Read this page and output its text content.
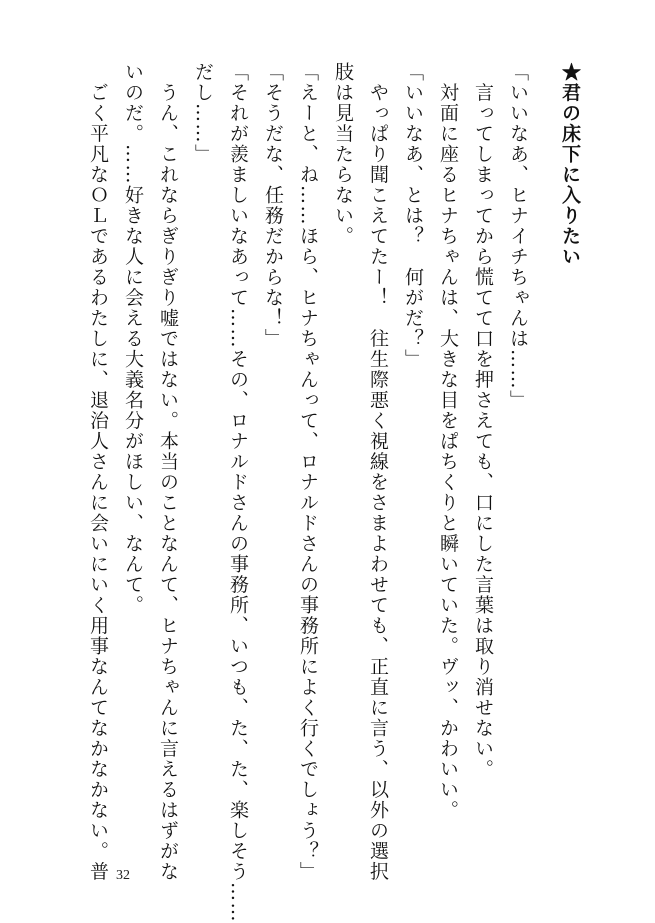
★君の床下に入りたい
「いいなあ、ヒナイチちゃんは……」
　言ってしまってから慌てて口を押さえても、口にした言葉は取り消せない。
　対面に座るヒナちゃんは、大きな目をぱちくりと瞬いていた。ヴッ、かわいい。
「いいなあ、とは？　何がだ？」
　やっぱり聞こえてたー！　往生際悪く視線をさまよわせても、正直に言う、以外の選択
肢は見当たらない。
「えーと、ね……ほら、ヒナちゃんって、ロナルドさんの事務所によく行くでしょう？」
「そうだな、任務だからな！」
「それが羨ましいなあって……その、ロナルドさんの事務所、いつも、た、た、楽しそう……
だし……」
　うん、これならぎりぎり嘘ではない。本当のことなんて、ヒナちゃんに言えるはずがな
いのだ。……好きな人に会える大義名分がほしい、なんて。
　ごく平凡なＯＬであるわたしに、退治人さんに会いにいく用事なんてなかなかない。普 32
